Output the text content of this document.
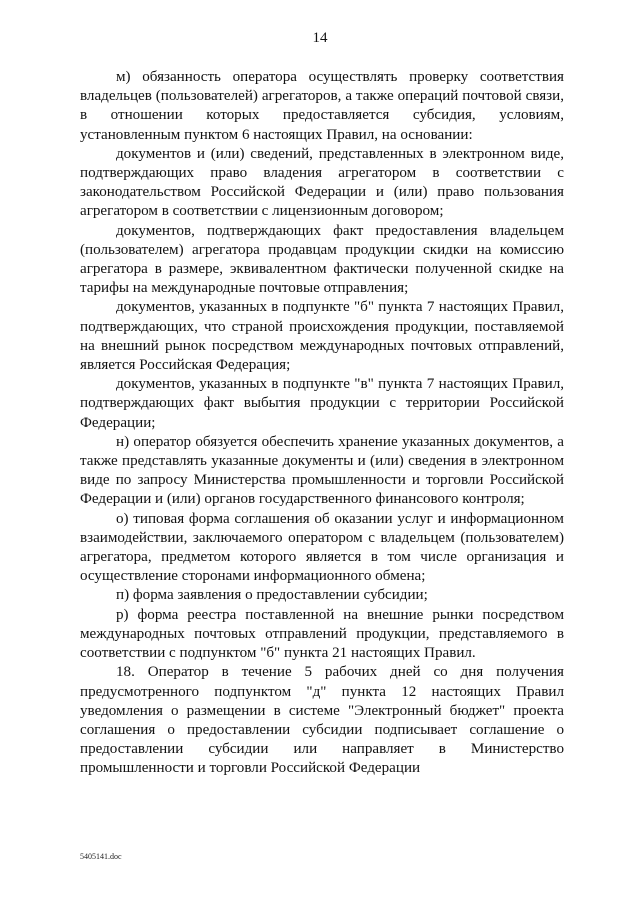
14

м) обязанность оператора осуществлять проверку соответствия владельцев (пользователей) агрегаторов, а также операций почтовой связи, в отношении которых предоставляется субсидия, условиям, установленным пунктом 6 настоящих Правил, на основании:

документов и (или) сведений, представленных в электронном виде, подтверждающих право владения агрегатором в соответствии с законодательством Российской Федерации и (или) право пользования агрегатором в соответствии с лицензионным договором;

документов, подтверждающих факт предоставления владельцем (пользователем) агрегатора продавцам продукции скидки на комиссию агрегатора в размере, эквивалентном фактически полученной скидке на тарифы на международные почтовые отправления;

документов, указанных в подпункте "б" пункта 7 настоящих Правил, подтверждающих, что страной происхождения продукции, поставляемой на внешний рынок посредством международных почтовых отправлений, является Российская Федерация;

документов, указанных в подпункте "в" пункта 7 настоящих Правил, подтверждающих факт выбытия продукции с территории Российской Федерации;

н) оператор обязуется обеспечить хранение указанных документов, а также представлять указанные документы и (или) сведения в электронном виде по запросу Министерства промышленности и торговли Российской Федерации и (или) органов государственного финансового контроля;

о) типовая форма соглашения об оказании услуг и информационном взаимодействии, заключаемого оператором с владельцем (пользователем) агрегатора, предметом которого является в том числе организация и осуществление сторонами информационного обмена;

п) форма заявления о предоставлении субсидии;

р) форма реестра поставленной на внешние рынки посредством международных почтовых отправлений продукции, представляемого в соответствии с подпунктом "б" пункта 21 настоящих Правил.

18. Оператор в течение 5 рабочих дней со дня получения предусмотренного подпунктом "д" пункта 12 настоящих Правил уведомления о размещении в системе "Электронный бюджет" проекта соглашения о предоставлении субсидии подписывает соглашение о предоставлении субсидии или направляет в Министерство промышленности и торговли Российской Федерации

5405141.doc
